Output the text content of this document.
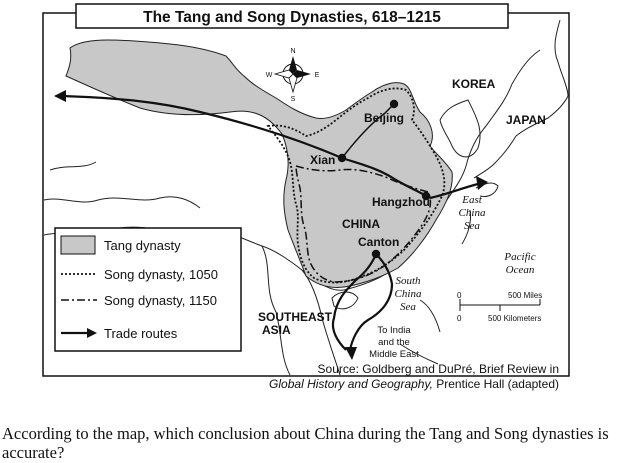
The Tang and Song Dynasties, 618–1215
N
S
W	E
Beijing
Xian
Hangzhou
Canton
CHINA
KOREA
JAPAN
SOUTHEAST
ASIA
East
China
Sea
South
China
Sea
Pacific
Ocean
To India
and the
Middle East
0	500 Miles
0	500 Kilometers
Tang dynasty
Song dynasty, 1050
Song dynasty, 1150
Trade routes
Source: Goldberg and DuPré, Brief Review in
Global History and Geography, Prentice Hall (adapted)
According to the map, which conclusion about China during the Tang and Song dynasties is accurate?
